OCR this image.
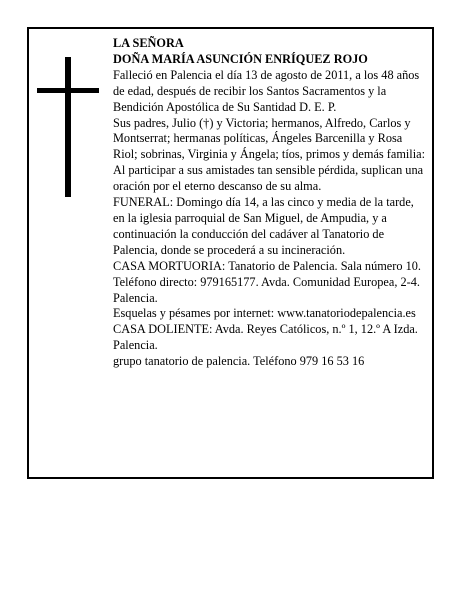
LA SEÑORA

DOÑA MARÍA ASUNCIÓN ENRÍQUEZ ROJO

Falleció en Palencia el día 13 de agosto de 2011, a los 48 años de edad, después de recibir los Santos Sacramentos y la Bendición Apostólica de Su Santidad D. E. P.

Sus padres, Julio (†) y Victoria; hermanos, Alfredo, Carlos y Montserrat; hermanas políticas, Ángeles Barcenilla y Rosa Riol; sobrinas, Virginia y Ángela; tíos, primos y demás familia:

Al participar a sus amistades tan sensible pérdida, suplican una oración por el eterno descanso de su alma.

FUNERAL: Domingo día 14, a las cinco y media de la tarde, en la iglesia parroquial de San Miguel, de Ampudia, y a continuación la conducción del cadáver al Tanatorio de Palencia, donde se procederá a su incineración.

CASA MORTUORIA: Tanatorio de Palencia. Sala número 10. Teléfono directo: 979165177. Avda. Comunidad Europea, 2-4. Palencia.

Esquelas y pésames por internet: www.tanatoriodepalencia.es

CASA DOLIENTE: Avda. Reyes Católicos, n.º 1, 12.º A Izda. Palencia.

grupo tanatorio de palencia. Teléfono 979 16 53 16
